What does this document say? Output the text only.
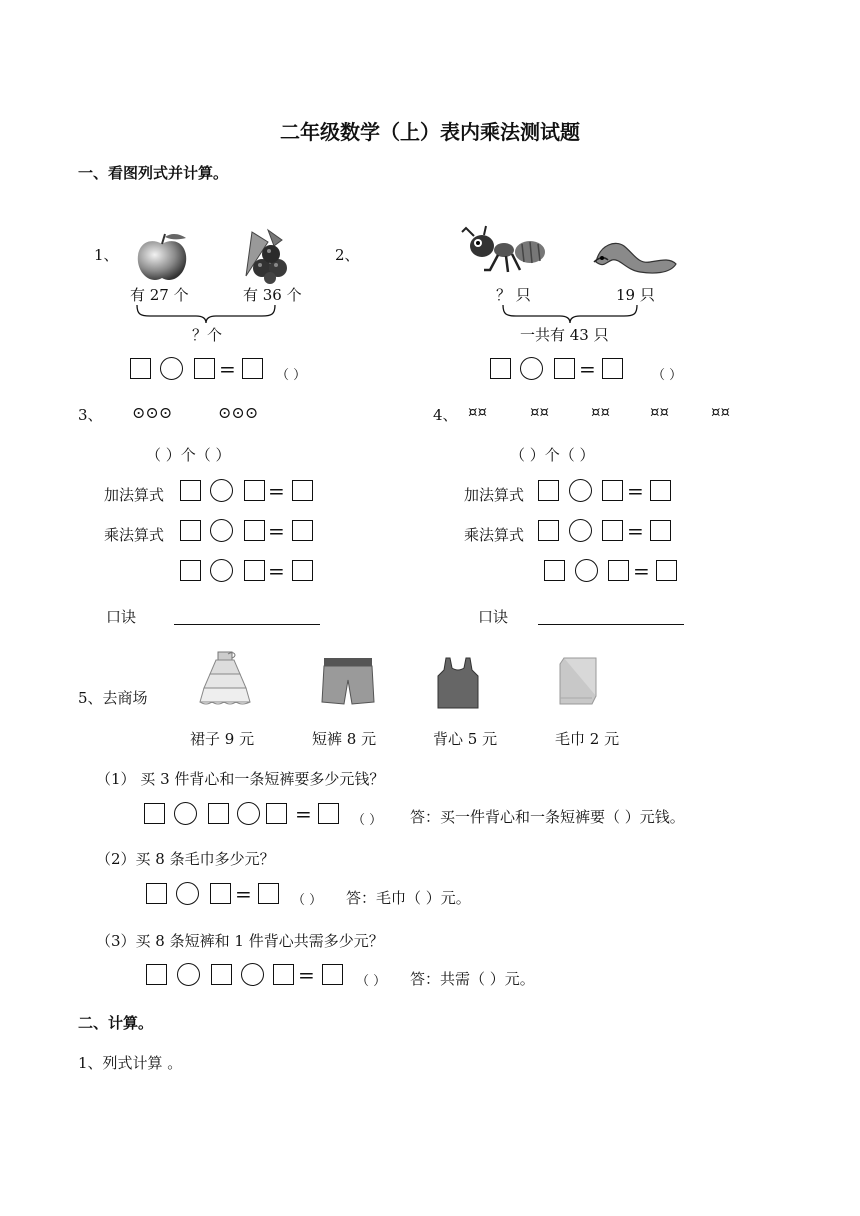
二年级数学（上）表内乘法测试题
一、看图列式并计算。
1、
有 27 个	有 36 个
？个
=	（ ）
2、
？ 只	19 只
一共有 43 只
=	（ ）
3、 ⊙⊙⊙	⊙⊙⊙
（ ）个（ ）
加法算式	=
乘法算式	=
=
口诀
4、 ¤¤	¤¤	¤¤	¤¤	¤¤
（ ）个（ ）
加法算式	=
乘法算式	=
=
口诀
5、去商场
裙子 9 元	短裤 8 元	背心 5 元	毛巾 2 元
（1） 买 3 件背心和一条短裤要多少元钱？
=	（ ） 答：买一件背心和一条短裤要（ ）元钱。
（2）买 8 条毛巾多少元？
=	（ ） 答：毛巾（ ）元。
（3）买 8 条短裤和 1 件背心共需多少元？
=	（ ） 答：共需（ ）元。
二、计算。
1、列式计算 。
